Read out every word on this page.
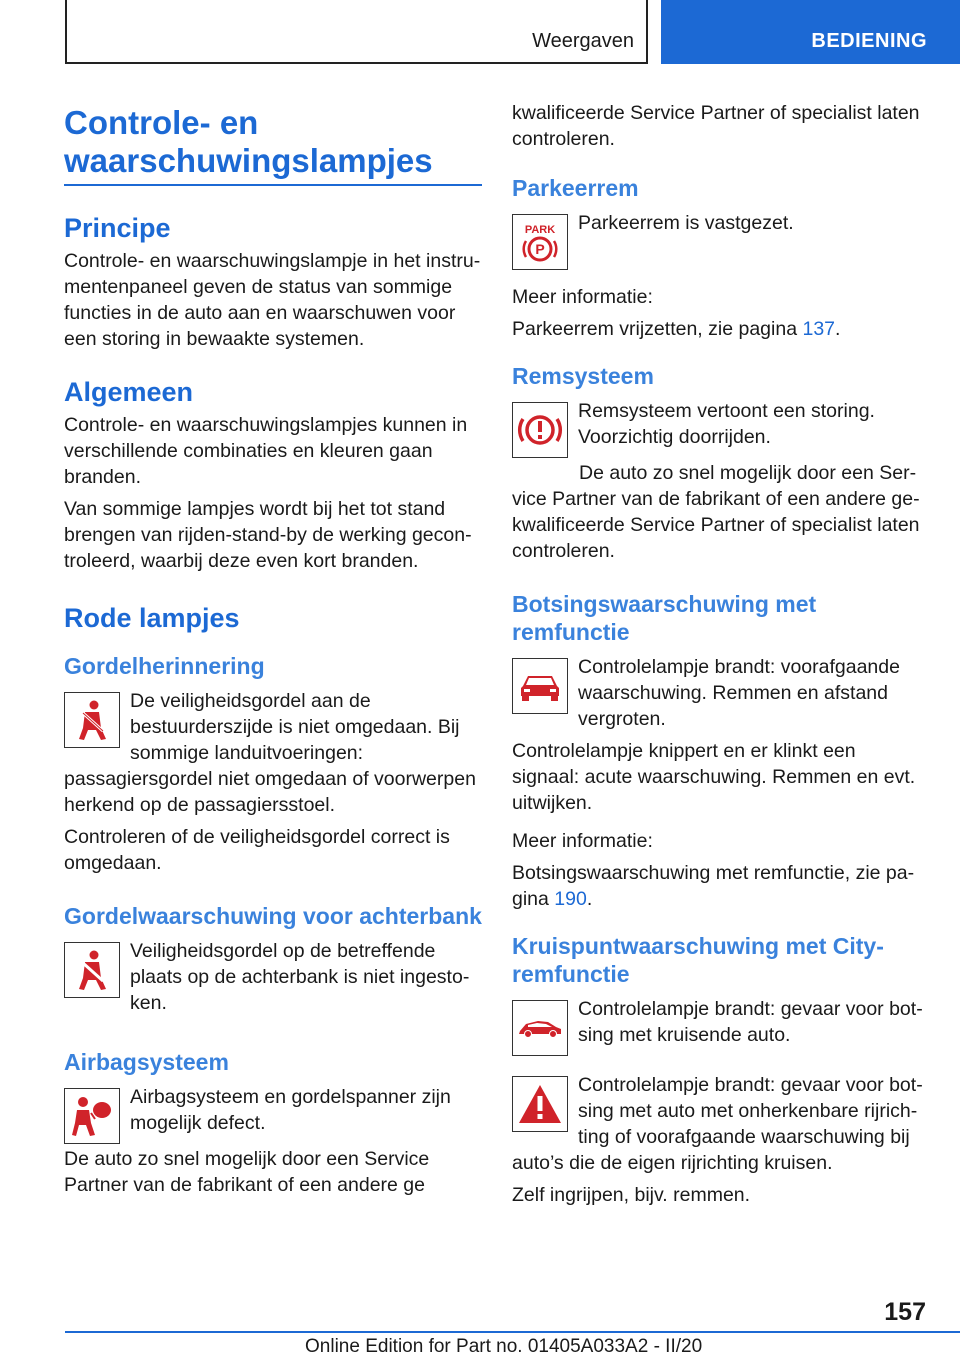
Weergaven	BEDIENING
Controle- en waarschuwingslampjes
Principe

Controle- en waarschuwingslampje in het instrumentenpaneel geven de status van sommige functies in de auto aan en waarschuwen voor een storing in bewaakte systemen.

Algemeen

Controle- en waarschuwingslampjes kunnen in verschillende combinaties en kleuren gaan branden.

Van sommige lampjes wordt bij het tot stand brengen van rijden-stand-by de werking gecontroleerd, waarbij deze even kort branden.

Rode lampjes
Gordelherinnering

De veiligheidsgordel aan de bestuurderszijde is niet omgedaan. Bij sommige landuitvoeringen: passagiersgordel niet omgedaan of voorwerpen herkend op de passagiersstoel.

Controleren of de veiligheidsgordel correct is omgedaan.

Gordelwaarschuwing voor achterbank

Veiligheidsgordel op de betreffende plaats op de achterbank is niet ingestoken.

Airbagsysteem

Airbagsysteem en gordelspanner zijn mogelijk defect.

De auto zo snel mogelijk door een Service Partner van de fabrikant of een andere ge

kwalificeerde Service Partner of specialist laten controleren.

Parkeerrem
PARK
P

Parkeerrem is vastgezet.

Meer informatie:

Parkeerrem vrijzetten, zie pagina 137.

Remsysteem

Remsysteem vertoont een storing. Voorzichtig doorrijden.

De auto zo snel mogelijk door een Service Partner van de fabrikant of een andere gekwalificeerde Service Partner of specialist laten controleren.

Botsingswaarschuwing met remfunctie

Controlelampje brandt: voorafgaande waarschuwing. Remmen en afstand vergroten.

Controlelampje knippert en er klinkt een signaal: acute waarschuwing. Remmen en evt. uitwijken.

Meer informatie:

Botsingswaarschuwing met remfunctie, zie pagina 190.

Kruispuntwaarschuwing met City-remfunctie

Controlelampje brandt: gevaar voor botsing met kruisende auto.

Controlelampje brandt: gevaar voor botsing met auto met onherkenbare rijrichting of voorafgaande waarschuwing bij auto’s die de eigen rijrichting kruisen.

Zelf ingrijpen, bijv. remmen.

157
Online Edition for Part no. 01405A033A2 - II/20
